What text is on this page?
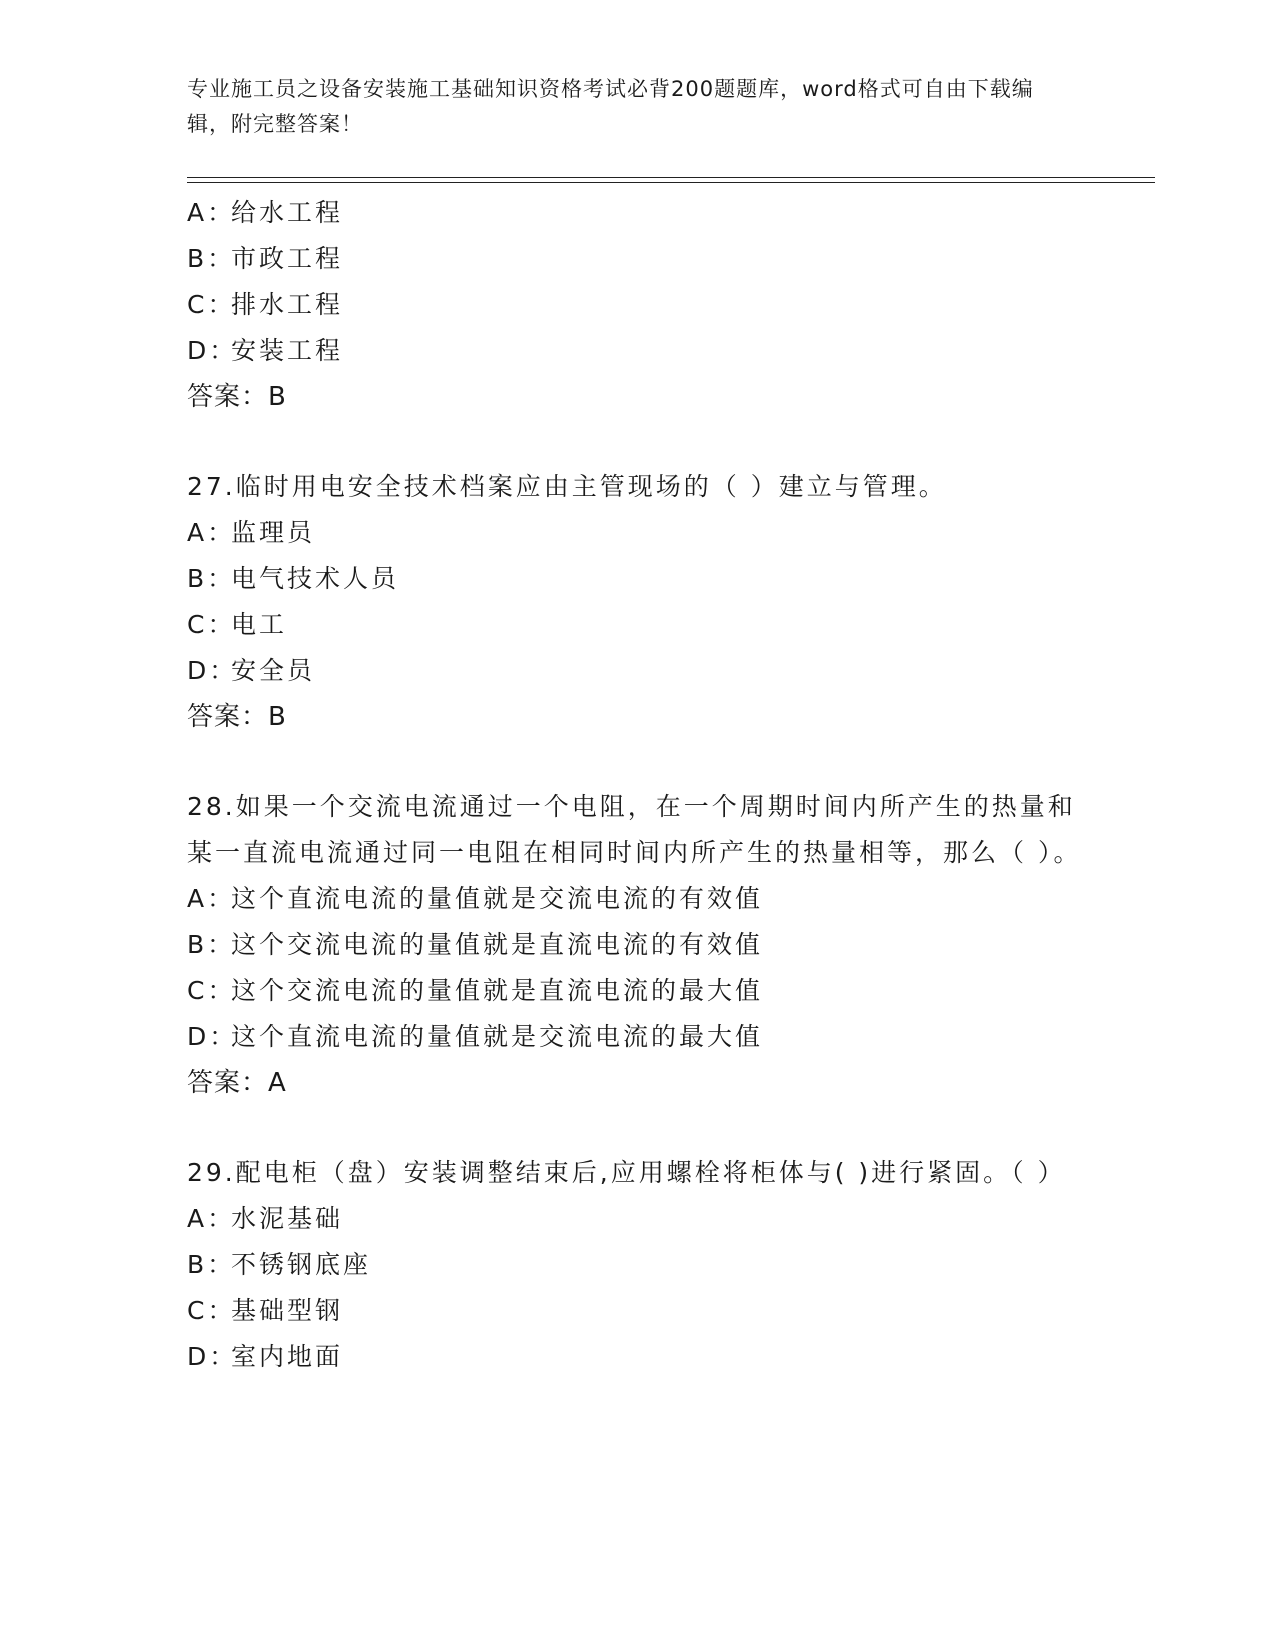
专业施工员之设备安装施工基础知识资格考试必背200题题库，word格式可自由下载编辑，附完整答案！
A：给水工程
B：市政工程
C：排水工程
D：安装工程
答案：B
27.临时用电安全技术档案应由主管现场的（ ）建立与管理。
A：监理员
B：电气技术人员
C：电工
D：安全员
答案：B
28.如果一个交流电流通过一个电阻，在一个周期时间内所产生的热量和某一直流电流通过同一电阻在相同时间内所产生的热量相等，那么（ ）。
A：这个直流电流的量值就是交流电流的有效值
B：这个交流电流的量值就是直流电流的有效值
C：这个交流电流的量值就是直流电流的最大值
D：这个直流电流的量值就是交流电流的最大值
答案：A
29.配电柜（盘）安装调整结束后,应用螺栓将柜体与( )进行紧固。（ ）
A：水泥基础
B：不锈钢底座
C：基础型钢
D：室内地面
